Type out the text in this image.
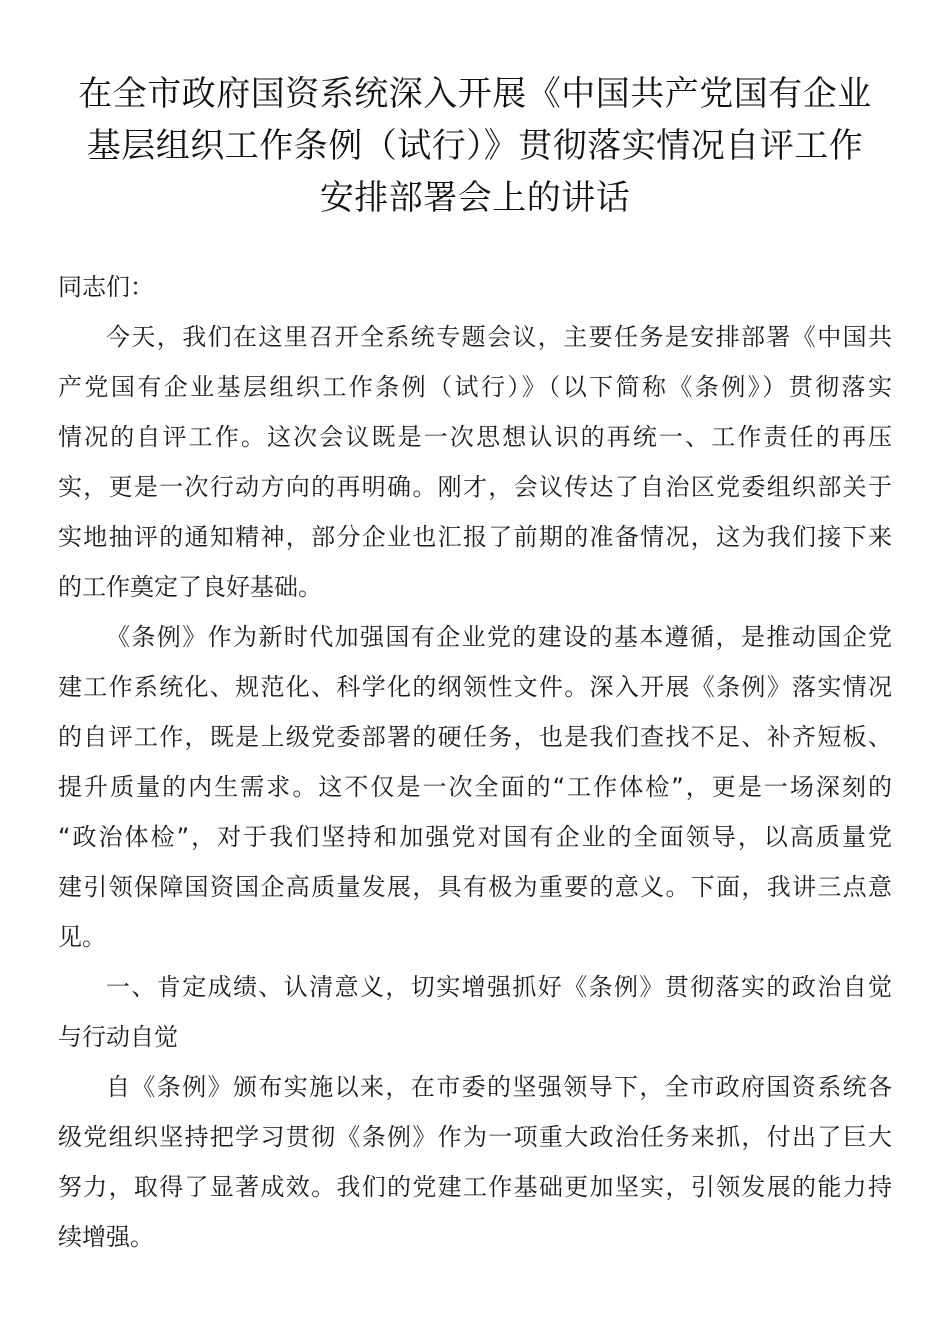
在全市政府国资系统深入开展《中国共产党国有企业
基层组织工作条例（试行）》贯彻落实情况自评工作
安排部署会上的讲话

同志们：

今天，我们在这里召开全系统专题会议，主要任务是安排部署《中国共
产党国有企业基层组织工作条例（试行）》（以下简称《条例》）贯彻落实
情况的自评工作。这次会议既是一次思想认识的再统一、工作责任的再压
实，更是一次行动方向的再明确。刚才，会议传达了自治区党委组织部关于
实地抽评的通知精神，部分企业也汇报了前期的准备情况，这为我们接下来
的工作奠定了良好基础。

《条例》作为新时代加强国有企业党的建设的基本遵循，是推动国企党
建工作系统化、规范化、科学化的纲领性文件。深入开展《条例》落实情况
的自评工作，既是上级党委部署的硬任务，也是我们查找不足、补齐短板、
提升质量的内生需求。这不仅是一次全面的“工作体检”，更是一场深刻的
“政治体检”，对于我们坚持和加强党对国有企业的全面领导，以高质量党
建引领保障国资国企高质量发展，具有极为重要的意义。下面，我讲三点意
见。

一、肯定成绩、认清意义，切实增强抓好《条例》贯彻落实的政治自觉
与行动自觉

自《条例》颁布实施以来，在市委的坚强领导下，全市政府国资系统各
级党组织坚持把学习贯彻《条例》作为一项重大政治任务来抓，付出了巨大
努力，取得了显著成效。我们的党建工作基础更加坚实，引领发展的能力持
续增强。
